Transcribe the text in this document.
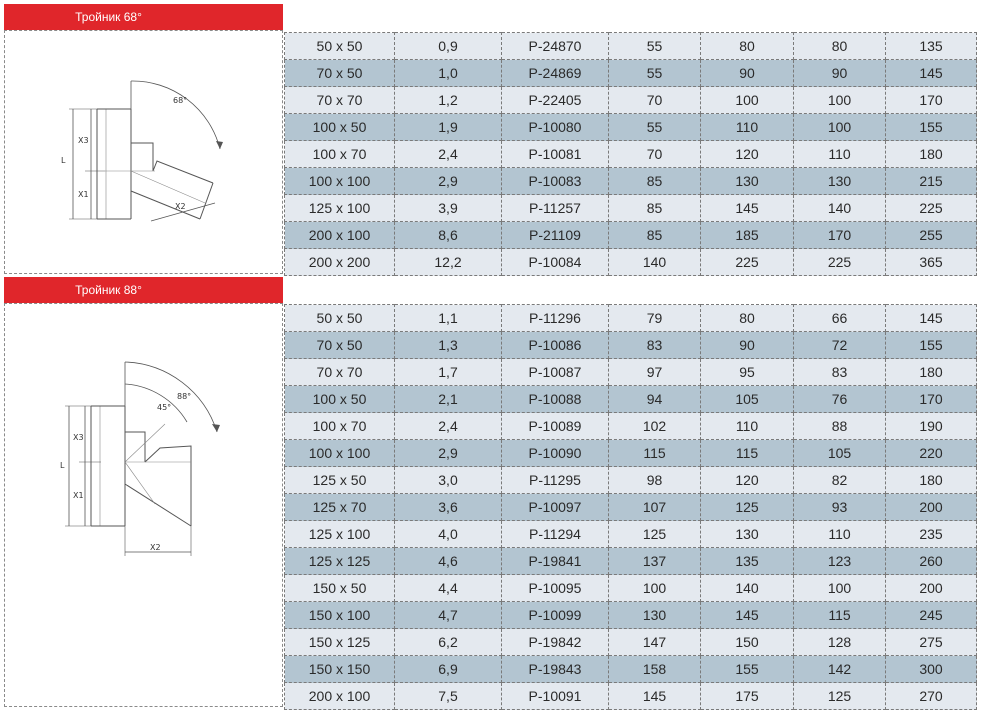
Тройник 68°
68°
L
X3
X1
X2
50 x 50	0,9	P-24870	55	80	80	135
70 x 50	1,0	P-24869	55	90	90	145
70 x 70	1,2	P-22405	70	100	100	170
100 x 50	1,9	P-10080	55	110	100	155
100 x 70	2,4	P-10081	70	120	110	180
100 x 100	2,9	P-10083	85	130	130	215
125 x 100	3,9	P-11257	85	145	140	225
200 x 100	8,6	P-21109	85	185	170	255
200 x 200	12,2	P-10084	140	225	225	365
Тройник 88°
88°
45°
L
X3
X1
X2
50 x 50	1,1	P-11296	79	80	66	145
70 x 50	1,3	P-10086	83	90	72	155
70 x 70	1,7	P-10087	97	95	83	180
100 x 50	2,1	P-10088	94	105	76	170
100 x 70	2,4	P-10089	102	110	88	190
100 x 100	2,9	P-10090	115	115	105	220
125 x 50	3,0	P-11295	98	120	82	180
125 x 70	3,6	P-10097	107	125	93	200
125 x 100	4,0	P-11294	125	130	110	235
125 x 125	4,6	P-19841	137	135	123	260
150 x 50	4,4	P-10095	100	140	100	200
150 x 100	4,7	P-10099	130	145	115	245
150 x 125	6,2	P-19842	147	150	128	275
150 x 150	6,9	P-19843	158	155	142	300
200 x 100	7,5	P-10091	145	175	125	270
